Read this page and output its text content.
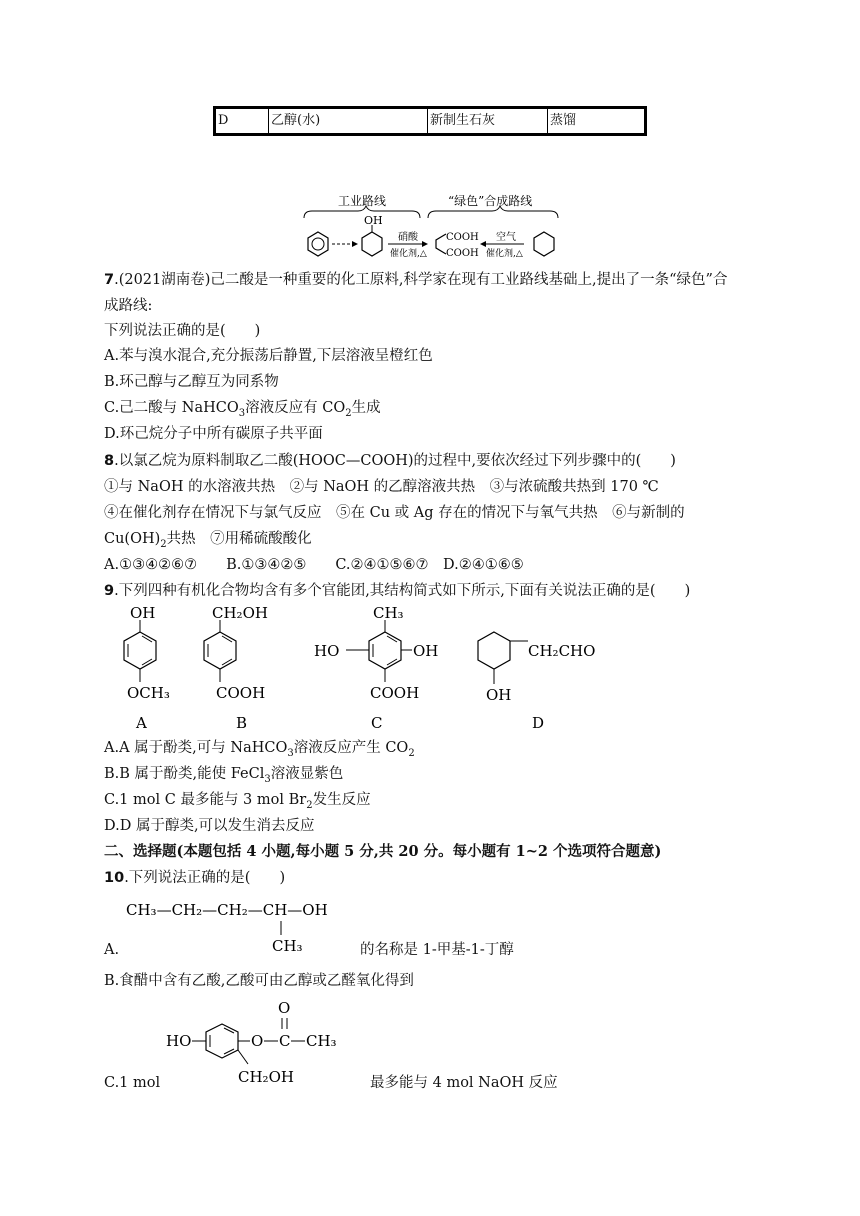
D	乙醇(水)	新制生石灰	蒸馏
工业路线	“绿色”合成路线
OH
硝酸
催化剂,△
COOH
COOH
空气
催化剂,△
7.(2021湖南卷)己二酸是一种重要的化工原料,科学家在现有工业路线基础上,提出了一条“绿色”合
成路线:
下列说法正确的是(　　)
A.苯与溴水混合,充分振荡后静置,下层溶液呈橙红色
B.环己醇与乙醇互为同系物
C.己二酸与 NaHCO$_3$溶液反应有 $CO_2$生成
D.环己烷分子中所有碳原子共平面
8.以氯乙烷为原料制取乙二酸(HOOC—COOH)的过程中,要依次经过下列步骤中的(　　)
①与 NaOH 的水溶液共热　②与 NaOH 的乙醇溶液共热　③与浓硫酸共热到 170 ℃
④在催化剂存在情况下与氯气反应　⑤在 Cu 或 Ag 存在的情况下与氧气共热　⑥与新制的
$Cu(OH)_2$共热　⑦用稀硫酸酸化
A.①③④②⑥⑦　　B.①③④②⑤　　C.②④①⑤⑥⑦　D.②④①⑥⑤
9.下列四种有机化合物均含有多个官能团,其结构简式如下所示,下面有关说法正确的是(　　)
OH
OCH₃
A
CH₂OH
COOH
B
CH₃
HO	OH
COOH
C
CH₂CHO
OH
D
A.A 属于酚类,可与 NaHCO$_3$溶液反应产生 $CO_2$
B.B 属于酚类,能使 FeCl$_3$溶液显紫色
C.1 mol C 最多能与 3 mol $Br_2$发生反应
D.D 属于醇类,可以发生消去反应
二、选择题(本题包括 4 小题,每小题 5 分,共 20 分。每小题有 1~2 个选项符合题意)
10.下列说法正确的是(　　)
CH₃—CH₂—CH₂—CH—OH
CH₃
A.	的名称是 1-甲基-1-丁醇
B.食醋中含有乙酸,乙酸可由乙醇或乙醛氧化得到
HO	O C
O
CH₃
CH₂OH
C.1 mol	最多能与 4 mol NaOH 反应
